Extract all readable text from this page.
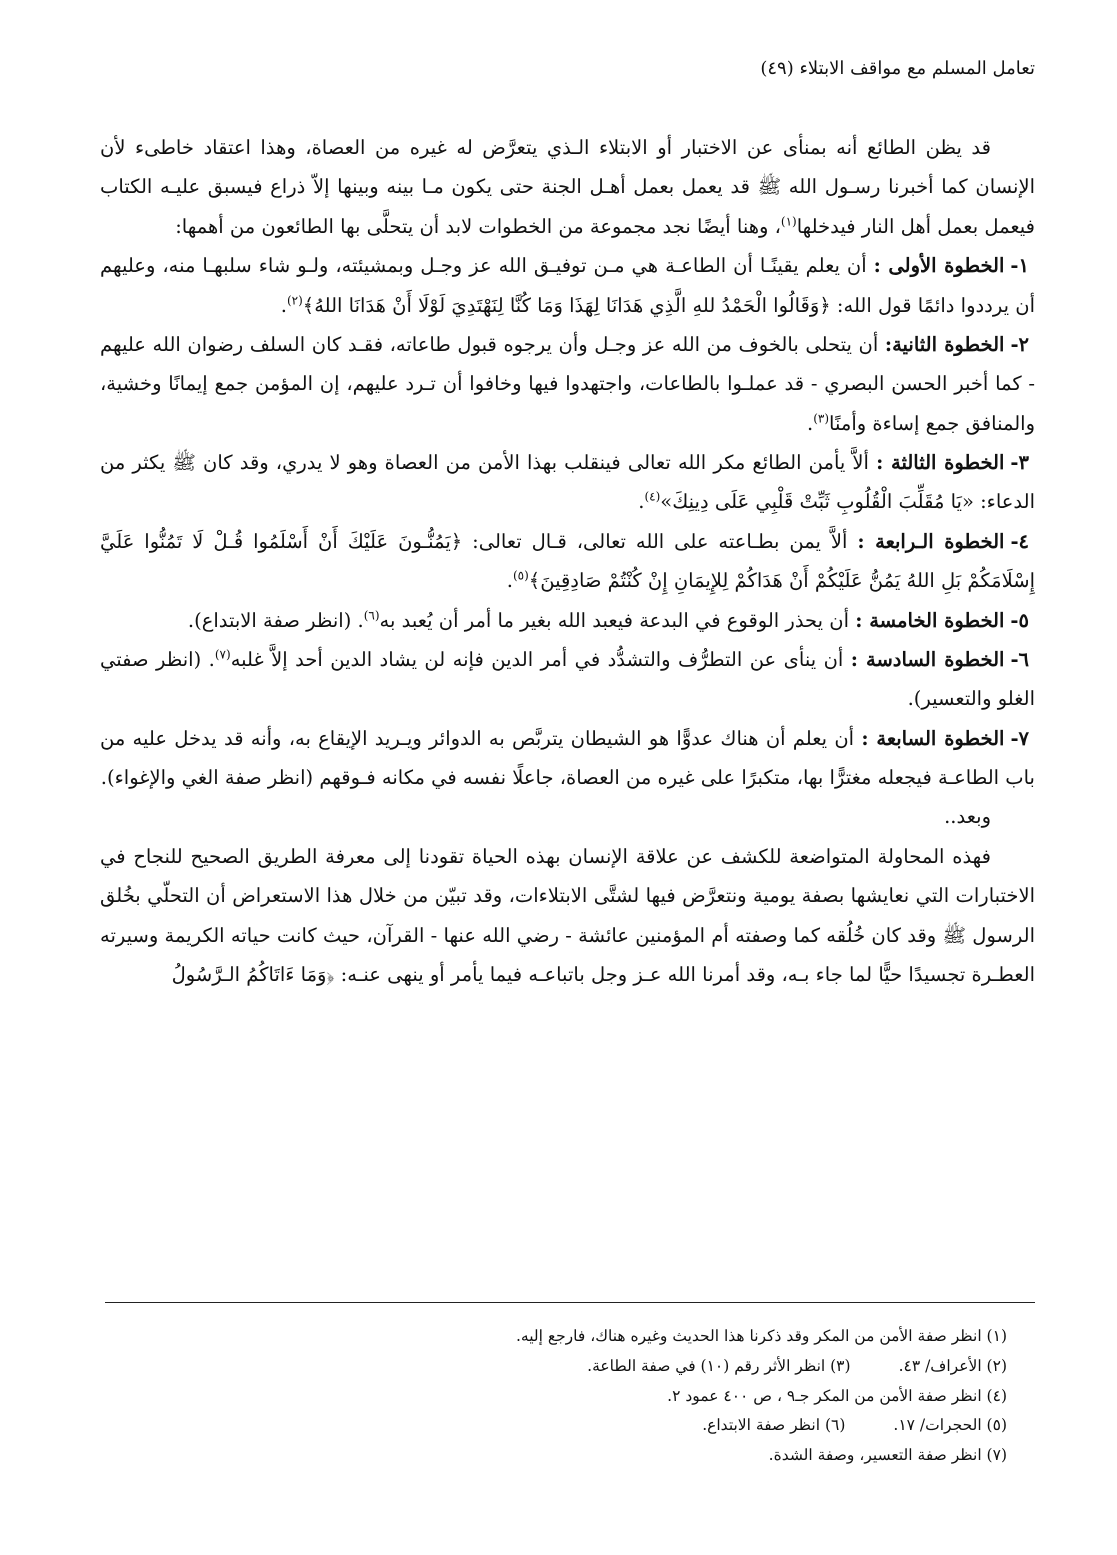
تعامل المسلم مع مواقف الابتلاء (٤٩)

قد يظن الطائع أنه بمنأى عن الاختبار أو الابتلاء الـذي يتعرَّض له غيره من العصاة، وهذا اعتقاد خاطىء لأن الإنسان كما أخبرنا رسـول الله ﷺ قد يعمل بعمل أهـل الجنة حتى يكون مـا بينه وبينها إلاّ ذراع فيسبق عليـه الكتاب فيعمل بعمل أهل النار فيدخلها$^{(١)}$، وهنا أيضًا نجد مجموعة من الخطوات لابد أن يتحلَّى بها الطائعون من أهمها:

١-الخطوة الأولى : أن يعلم يقينًـا أن الطاعـة هي مـن توفيـق الله عز وجـل وبمشيئته، ولـو شاء سلبهـا منه، وعليهم أن يرددوا دائمًا قول الله: ﴿وَقَالُوا الْحَمْدُ للهِ الَّذِي هَدَانَا لِهَذَا وَمَا كُنَّا لِنَهْتَدِيَ لَوْلَا أَنْ هَدَانَا اللهُ﴾$^{(٢)}$.

٢-الخطوة الثانية: أن يتحلى بالخوف من الله عز وجـل وأن يرجوه قبول طاعاته، فقـد كان السلف رضوان الله عليهم - كما أخبر الحسن البصري - قد عملـوا بالطاعات، واجتهدوا فيها وخافوا أن تـرد عليهم، إن المؤمن جمع إيمانًا وخشية، والمنافق جمع إساءة وأمنًا$^{(٣)}$.

٣-الخطوة الثالثة : ألاَّ يأمن الطائع مكر الله تعالى فينقلب بهذا الأمن من العصاة وهو لا يدري، وقد كان ﷺ يكثر من الدعاء: «يَا مُقَلِّبَ الْقُلُوبِ ثَبِّتْ قَلْبِي عَلَى دِينِكَ»$^{(٤)}$.

٤-الخطوة الـرابعة : ألاَّ يمن بطـاعته على الله تعالى، قـال تعالى: ﴿يَمُنُّـونَ عَلَيْكَ أَنْ أَسْلَمُوا قُـلْ لَا تَمُنُّوا عَلَيَّ إِسْلَامَكُمْ بَلِ اللهُ يَمُنُّ عَلَيْكُمْ أَنْ هَدَاكُمْ لِلإِيمَانِ إِنْ كُنْتُمْ صَادِقِينَ﴾$^{(٥)}$.

٥-الخطوة الخامسة : أن يحذر الوقوع في البدعة فيعبد الله بغير ما أمر أن يُعبد به$^{(٦)}$. (انظر صفة الابتداع).

٦-الخطوة السادسة : أن ينأى عن التطرُّف والتشدُّد في أمر الدين فإنه لن يشاد الدين أحد إلاَّ غلبه$^{(٧)}$. (انظر صفتي الغلو والتعسير).

٧-الخطوة السابعة : أن يعلم أن هناك عدوًّا هو الشيطان يتربَّص به الدوائر ويـريد الإيقاع به، وأنه قد يدخل عليه من باب الطاعـة فيجعله مغترًّا بها، متكبرًا على غيره من العصاة، جاعلًا نفسه في مكانه فـوقهم (انظر صفة الغي والإغواء).

وبعد..

فهذه المحاولة المتواضعة للكشف عن علاقة الإنسان بهذه الحياة تقودنا إلى معرفة الطريق الصحيح للنجاح في الاختبارات التي نعايشها بصفة يومية ونتعرَّض فيها لشتَّى الابتلاءات، وقد تبيّن من خلال هذا الاستعراض أن التحلّي بخُلق الرسول ﷺ وقد كان خُلُقه كما وصفته أم المؤمنين عائشة - رضي الله عنها - القرآن، حيث كانت حياته الكريمة وسيرته العطـرة تجسيدًا حيًّا لما جاء بـه، وقد أمرنا الله عـز وجل باتباعـه فيما يأمر أو ينهى عنـه: ﴿وَمَا ءَاتَاكُمُ الـرَّسُولُ

(١) انظر صفة الأمن من المكر وقد ذكرنا هذا الحديث وغيره هناك، فارجع إليه.

(٢) الأعراف/ ٤٣.(٣) انظر الأثر رقم (١٠) في صفة الطاعة.

(٤) انظر صفة الأمن من المكر جـ٩ ، ص ٤٠٠ عمود ٢.

(٥) الحجرات/ ١٧.(٦) انظر صفة الابتداع.

(٧) انظر صفة التعسير، وصفة الشدة.
